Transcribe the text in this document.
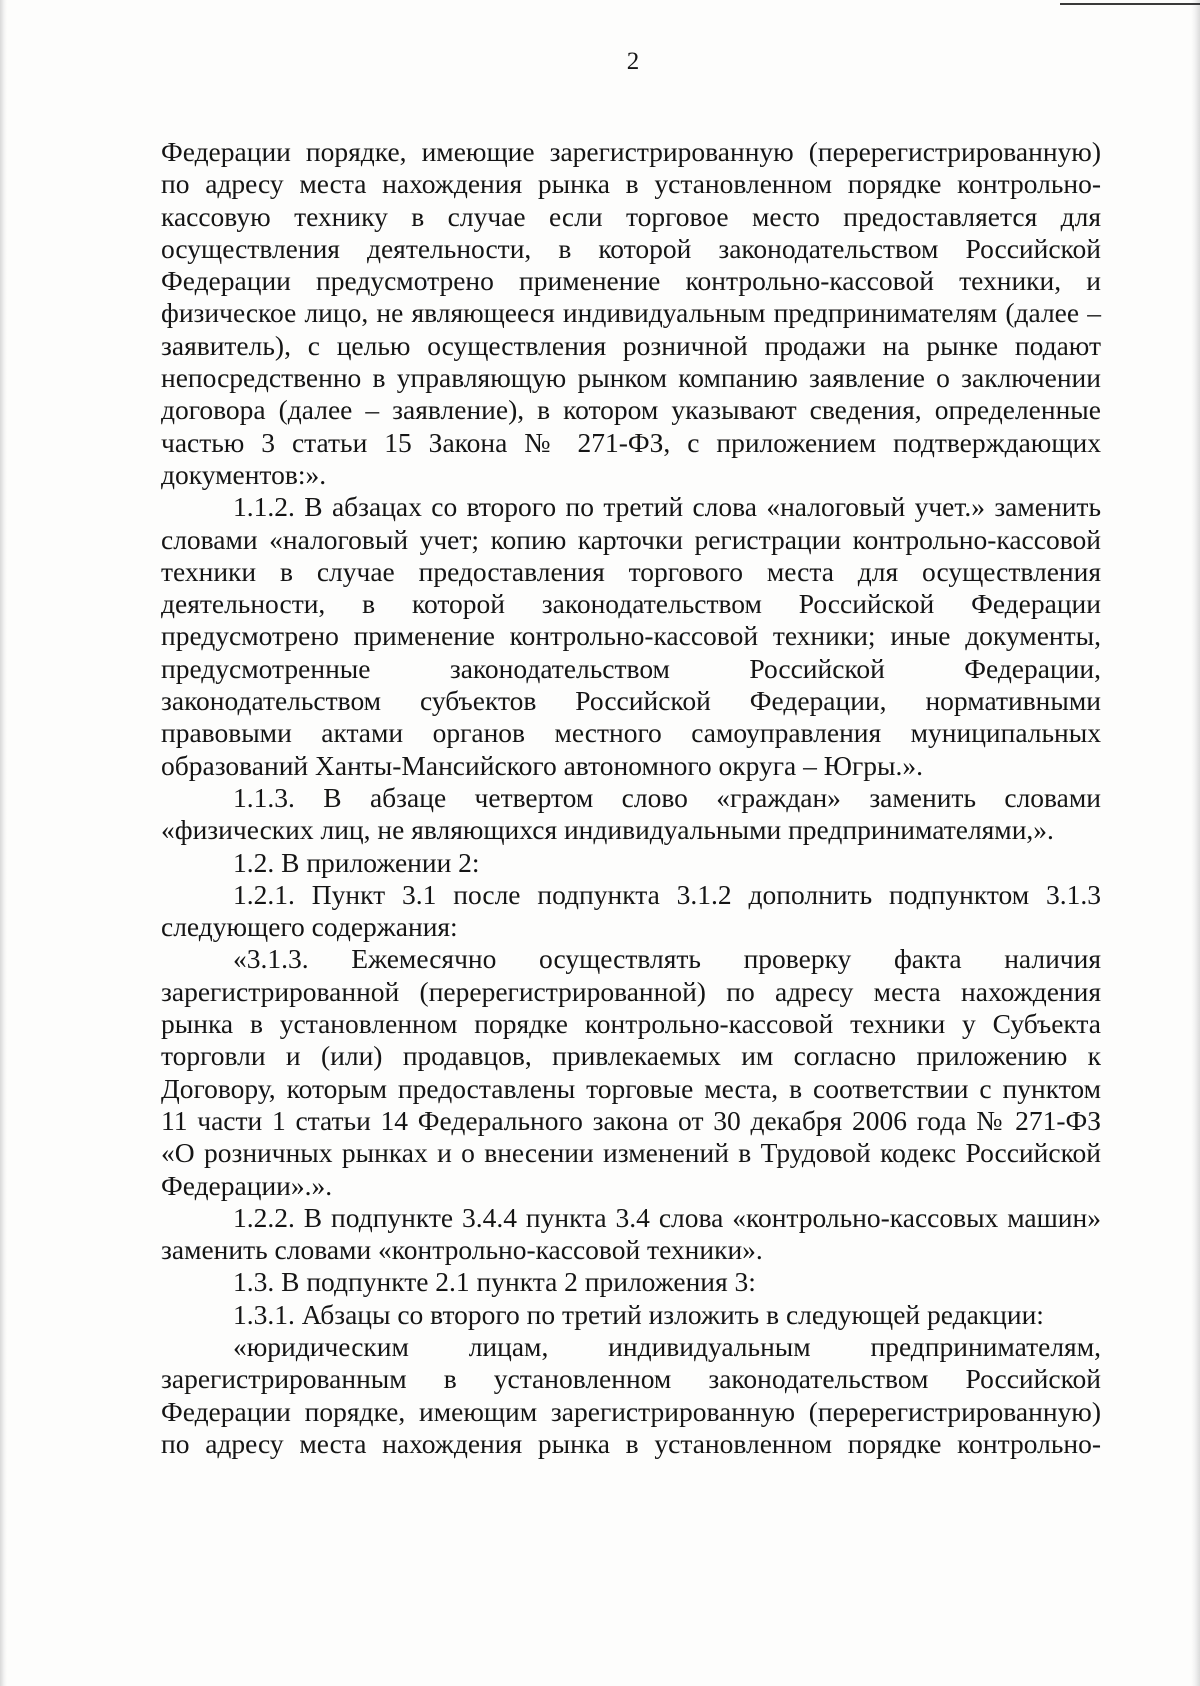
2

Федерации порядке, имеющие зарегистрированную (перерегистрированную) по адресу места нахождения рынка в установленном порядке контрольно-кассовую технику в случае если торговое место предоставляется для осуществления деятельности, в которой законодательством Российской Федерации предусмотрено применение контрольно-кассовой техники, и физическое лицо, не являющееся индивидуальным предпринимателям (далее – заявитель), с целью осуществления розничной продажи на рынке подают непосредственно в управляющую рынком компанию заявление о заключении договора (далее – заявление), в котором указывают сведения, определенные частью 3 статьи 15 Закона № 271-ФЗ, с приложением подтверждающих документов:».

1.1.2. В абзацах со второго по третий слова «налоговый учет.» заменить словами «налоговый учет; копию карточки регистрации контрольно-кассовой техники в случае предоставления торгового места для осуществления деятельности, в которой законодательством Российской Федерации предусмотрено применение контрольно-кассовой техники; иные документы, предусмотренные законодательством Российской Федерации, законодательством субъектов Российской Федерации, нормативными правовыми актами органов местного самоуправления муниципальных образований Ханты-Мансийского автономного округа – Югры.».

1.1.3. В абзаце четвертом слово «граждан» заменить словами «физических лиц, не являющихся индивидуальными предпринимателями,».

1.2. В приложении 2:

1.2.1. Пункт 3.1 после подпункта 3.1.2 дополнить подпунктом 3.1.3 следующего содержания:

«3.1.3. Ежемесячно осуществлять проверку факта наличия зарегистрированной (перерегистрированной) по адресу места нахождения рынка в установленном порядке контрольно-кассовой техники у Субъекта торговли и (или) продавцов, привлекаемых им согласно приложению к Договору, которым предоставлены торговые места, в соответствии с пунктом 11 части 1 статьи 14 Федерального закона от 30 декабря 2006 года № 271-ФЗ «О розничных рынках и о внесении изменений в Трудовой кодекс Российской Федерации».».

1.2.2. В подпункте 3.4.4 пункта 3.4 слова «контрольно-кассовых машин» заменить словами «контрольно-кассовой техники».

1.3. В подпункте 2.1 пункта 2 приложения 3:

1.3.1. Абзацы со второго по третий изложить в следующей редакции:

«юридическим лицам, индивидуальным предпринимателям, зарегистрированным в установленном законодательством Российской Федерации порядке, имеющим зарегистрированную (перерегистрированную) по адресу места нахождения рынка в установленном порядке контрольно-
